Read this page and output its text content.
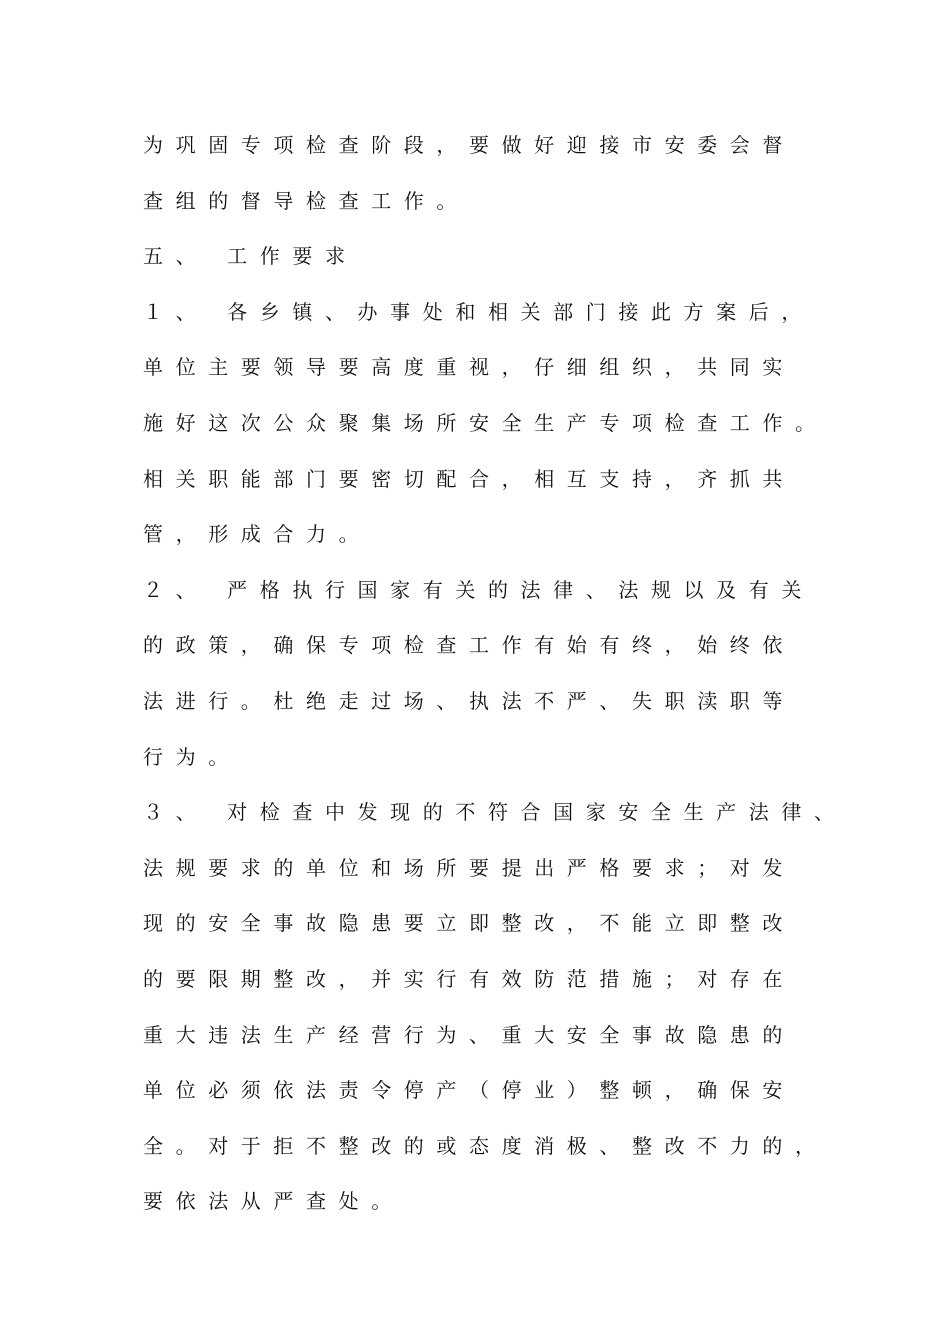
为巩固专项检查阶段，要做好迎接市安委会督
查组的督导检查工作。
五、 工作要求
１、 各乡镇、办事处和相关部门接此方案后，
单位主要领导要高度重视，仔细组织，共同实
施好这次公众聚集场所安全生产专项检查工作。
相关职能部门要密切配合，相互支持，齐抓共
管，形成合力。
２、 严格执行国家有关的法律、法规以及有关
的政策，确保专项检查工作有始有终，始终依
法进行。杜绝走过场、执法不严、失职渎职等
行为。
３、 对检查中发现的不符合国家安全生产法律、
法规要求的单位和场所要提出严格要求；对发
现的安全事故隐患要立即整改，不能立即整改
的要限期整改，并实行有效防范措施；对存在
重大违法生产经营行为、重大安全事故隐患的
单位必须依法责令停产（停业）整顿，确保安
全。对于拒不整改的或态度消极、整改不力的，
要依法从严查处。
